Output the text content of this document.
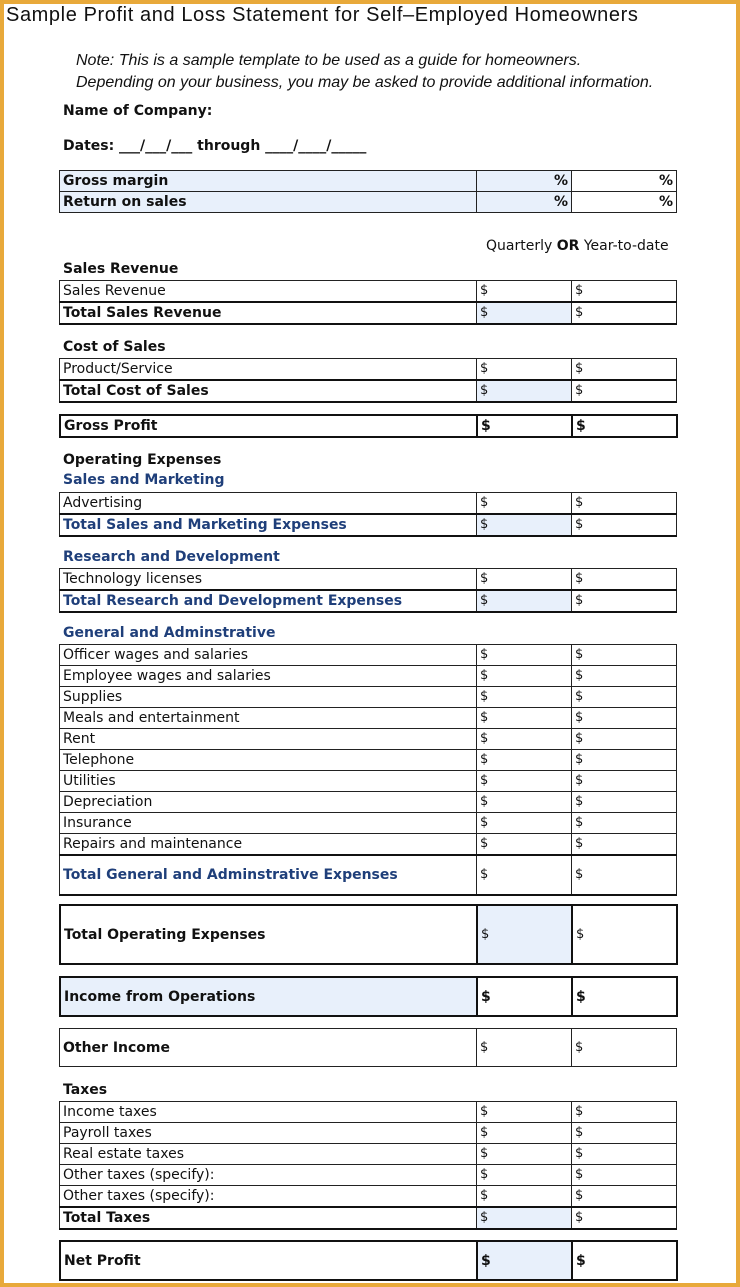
Sample Profit and Loss Statement for Self–Employed Homeowners
Note: This is a sample template to be used as a guide for homeowners.
Depending on your business, you may be asked to provide additional information.
Name of Company:
Dates: ___/___/___ through ____/____/_____
Gross margin	%	%
Return on sales	%	%
Quarterly OR Year-to-date
Sales Revenue
Sales Revenue	$	$
Total Sales Revenue	$	$
Cost of Sales
Product/Service	$	$
Total Cost of Sales	$	$
Gross Profit	$	$
Operating Expenses
Sales and Marketing
Advertising	$	$
Total Sales and Marketing Expenses	$	$
Research and Development
Technology licenses	$	$
Total Research and Development Expenses	$	$
General and Adminstrative
Officer wages and salaries	$	$
Employee wages and salaries	$	$
Supplies	$	$
Meals and entertainment	$	$
Rent	$	$
Telephone	$	$
Utilities	$	$
Depreciation	$	$
Insurance	$	$
Repairs and maintenance	$	$
Total General and Adminstrative Expenses	$	$
Total Operating Expenses	$	$
Income from Operations	$	$
Other Income	$	$
Taxes
Income taxes	$	$
Payroll taxes	$	$
Real estate taxes	$	$
Other taxes (specify):	$	$
Other taxes (specify):	$	$
Total Taxes	$	$
Net Profit	$	$
